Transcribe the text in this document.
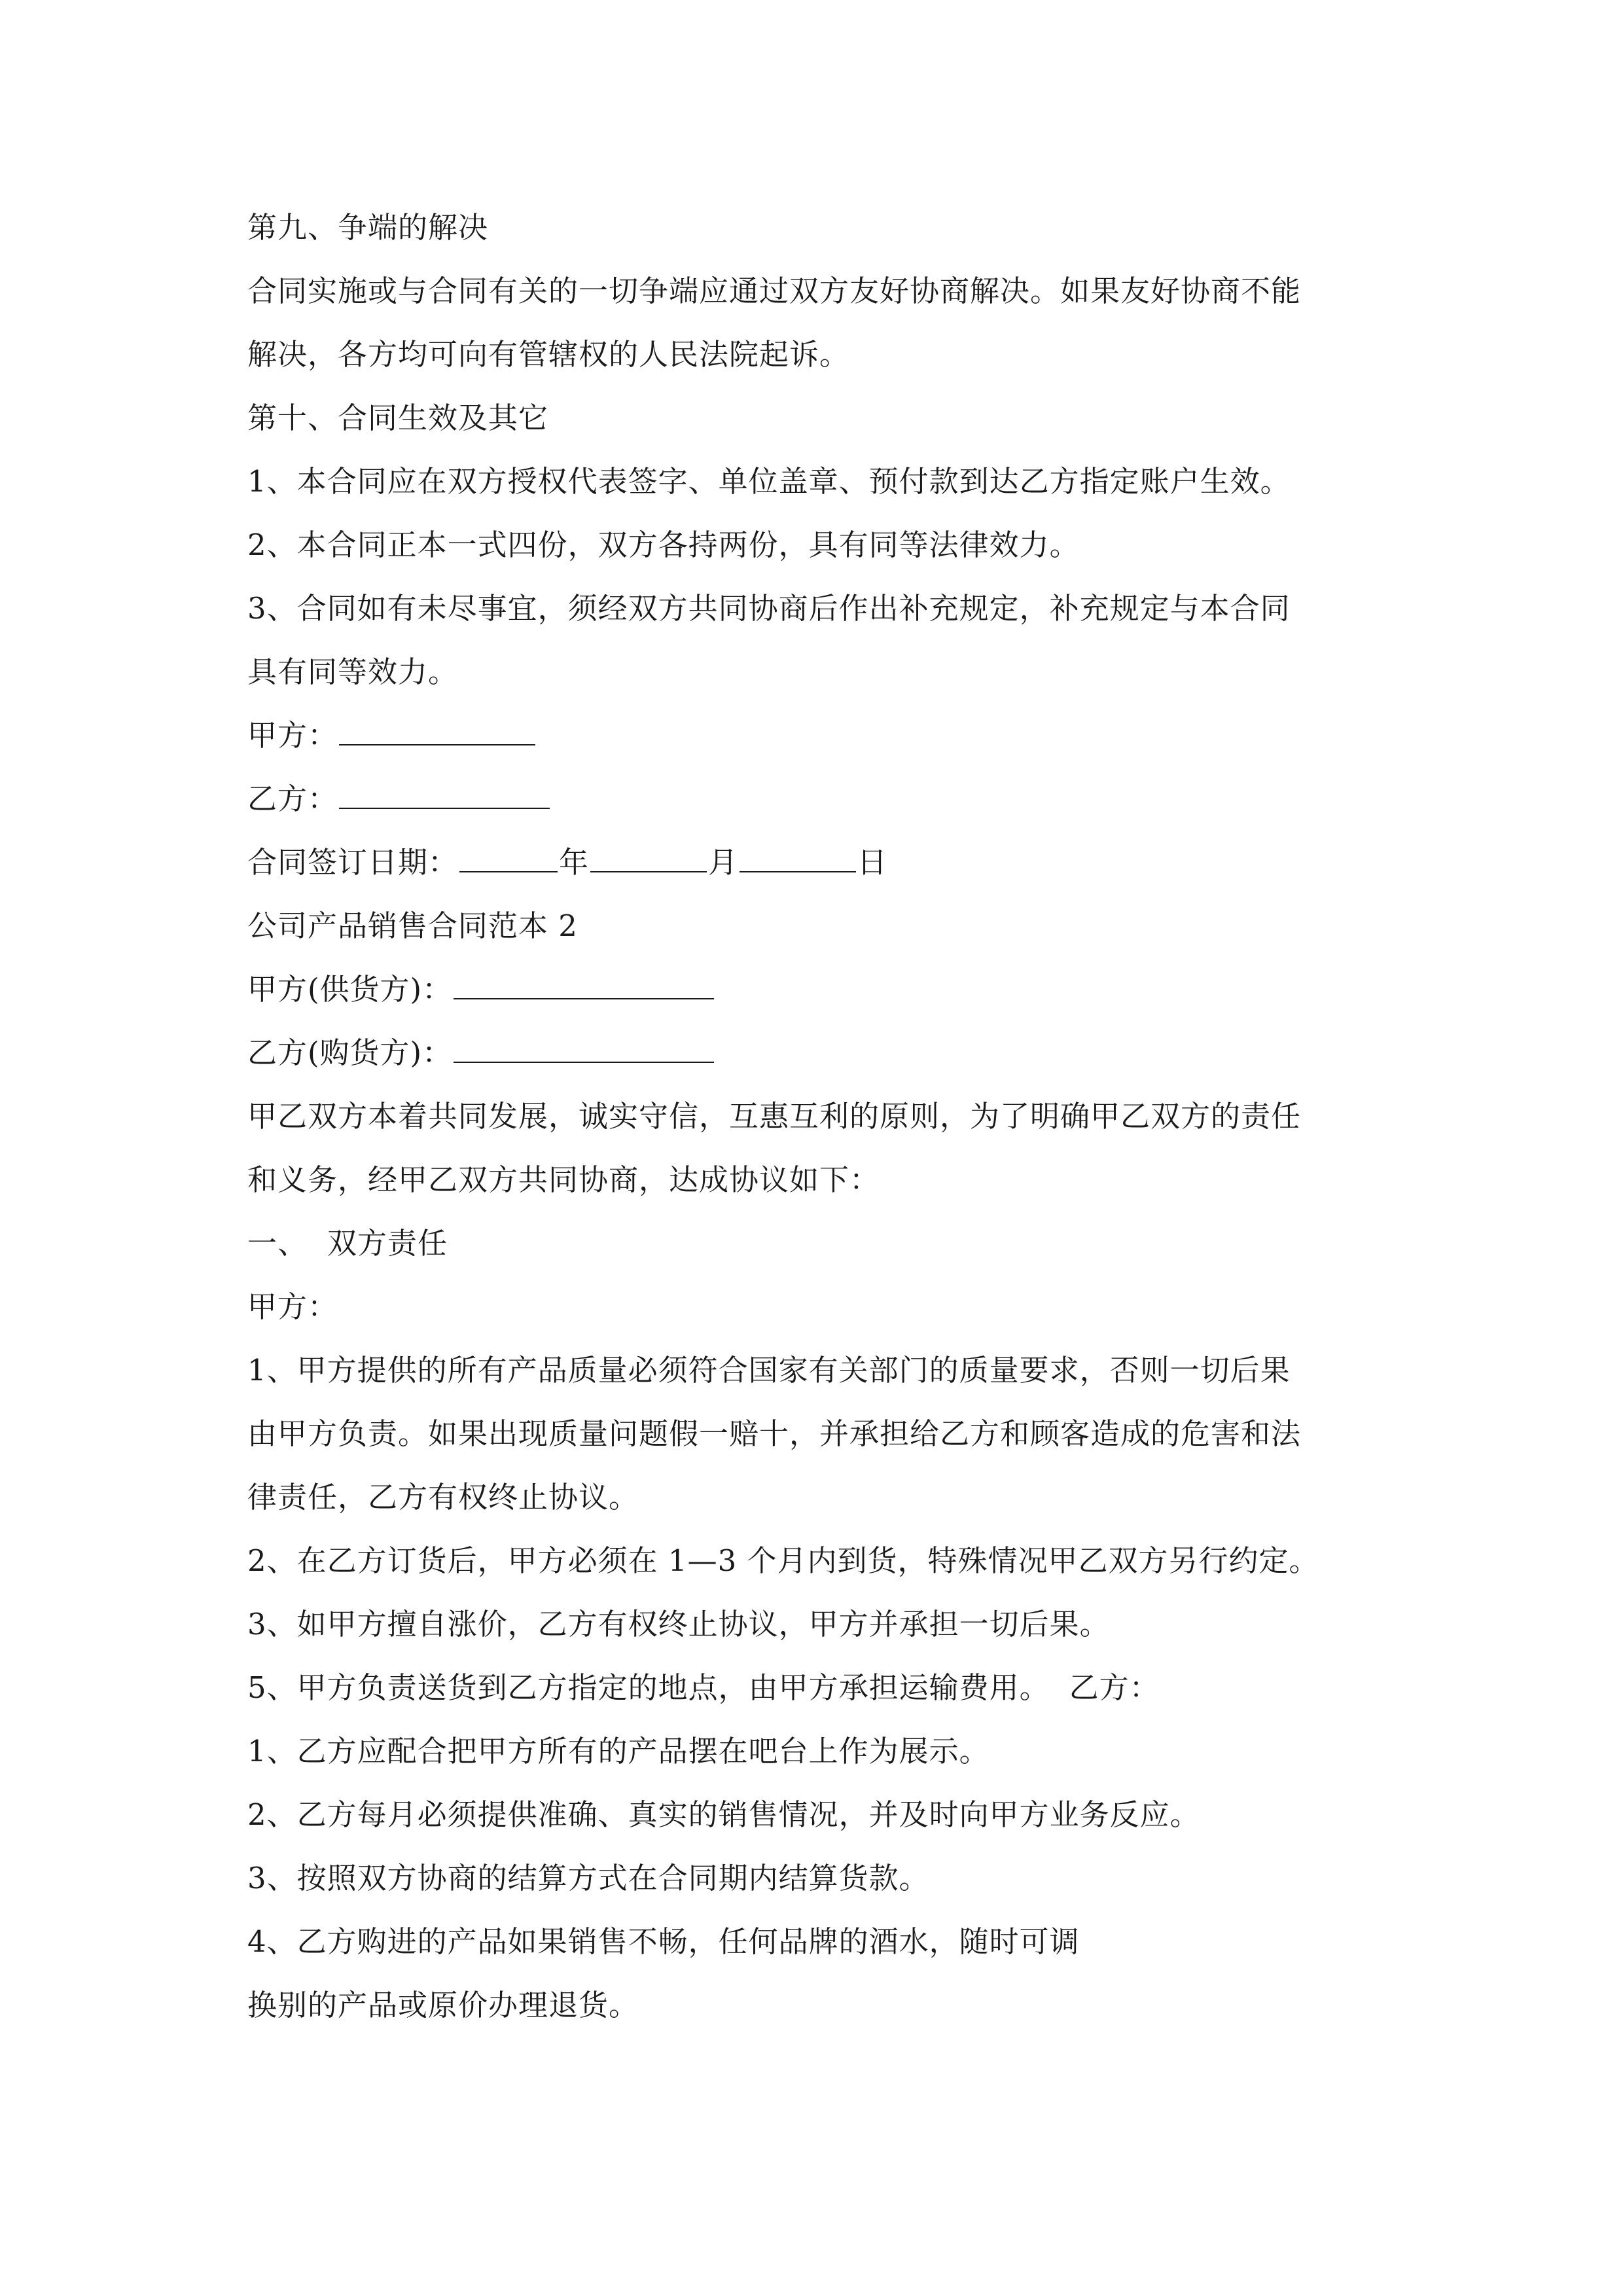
第九、争端的解决
合同实施或与合同有关的一切争端应通过双方友好协商解决。如果友好协商不能
解决，各方均可向有管辖权的人民法院起诉。
第十、合同生效及其它
1、本合同应在双方授权代表签字、单位盖章、预付款到达乙方指定账户生效。
2、本合同正本一式四份，双方各持两份，具有同等法律效力。
3、合同如有未尽事宜，须经双方共同协商后作出补充规定，补充规定与本合同
具有同等效力。
甲方：
乙方：
合同签订日期：	年	月	日
公司产品销售合同范本 2
甲方(供货方)：
乙方(购货方)：
甲乙双方本着共同发展，诚实守信，互惠互利的原则，为了明确甲乙双方的责任
和义务，经甲乙双方共同协商，达成协议如下：
一、 双方责任
甲方：
1、甲方提供的所有产品质量必须符合国家有关部门的质量要求，否则一切后果
由甲方负责。如果出现质量问题假一赔十，并承担给乙方和顾客造成的危害和法
律责任，乙方有权终止协议。
2、在乙方订货后，甲方必须在 1—3 个月内到货，特殊情况甲乙双方另行约定。
3、如甲方擅自涨价，乙方有权终止协议，甲方并承担一切后果。
5、甲方负责送货到乙方指定的地点，由甲方承担运输费用。 乙方：
1、乙方应配合把甲方所有的产品摆在吧台上作为展示。
2、乙方每月必须提供准确、真实的销售情况，并及时向甲方业务反应。
3、按照双方协商的结算方式在合同期内结算货款。
4、乙方购进的产品如果销售不畅，任何品牌的酒水，随时可调
换别的产品或原价办理退货。
